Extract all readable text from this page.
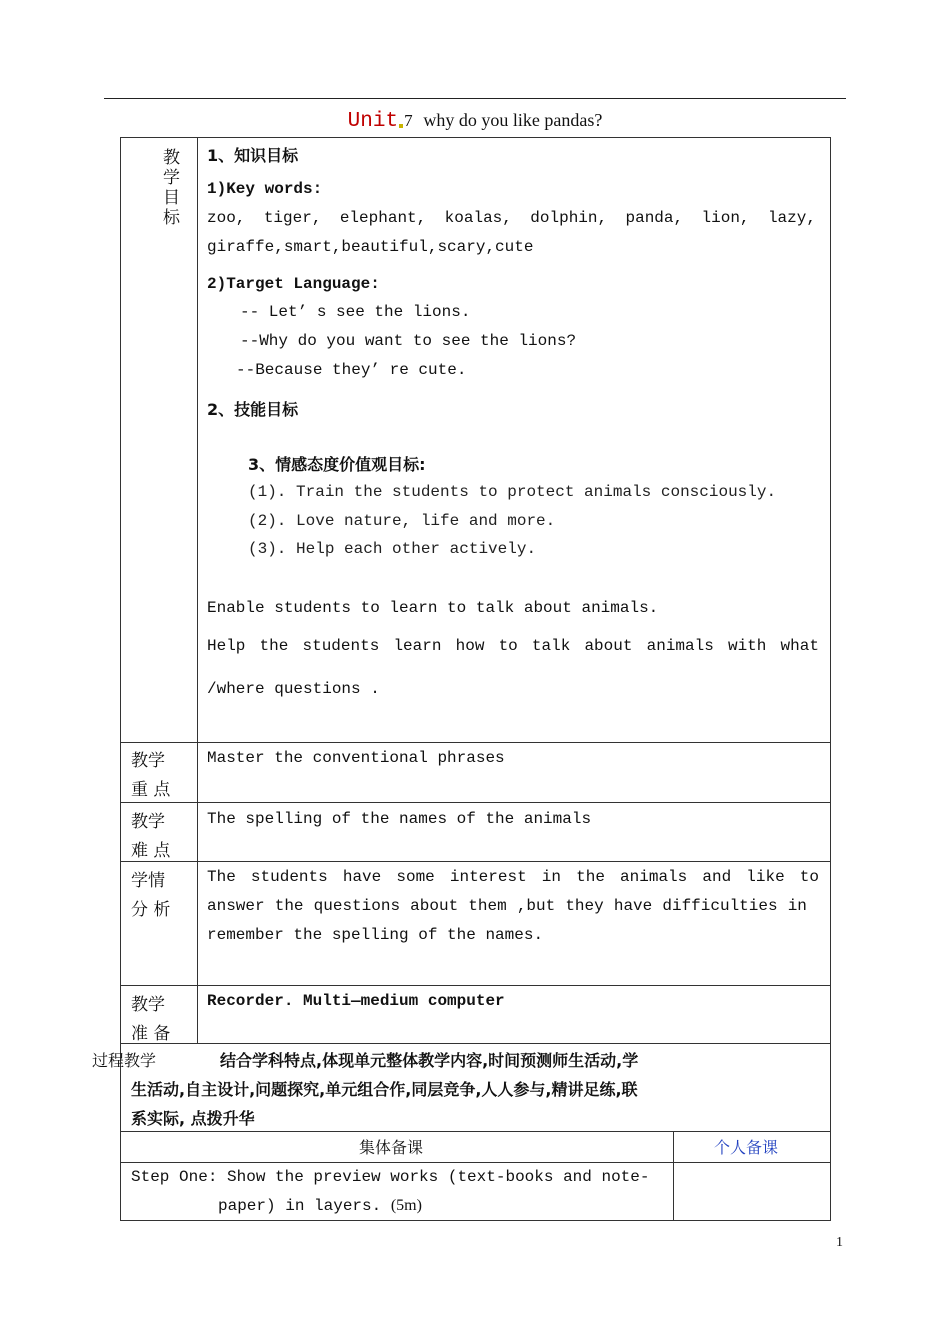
Unit 7 why do you like pandas?
教学目标
1、知识目标
1)Key words:
zoo, tiger, elephant, koalas, dolphin, panda, lion, lazy,
giraffe,smart,beautiful,scary,cute
2)Target Language:
-- Let’ s see the lions.
--Why do you want to see the lions?
--Because they’ re cute.
2、技能目标
3、情感态度价值观目标:
(1). Train the students to protect animals consciously.
(2). Love nature, life and more.
(3). Help each other actively.
Enable students to learn to talk about animals.
Help the students learn how to talk about animals with what
/where questions .
教学
重 点
Master the conventional phrases
教学
难 点
The spelling of the names of the animals
学情
分 析
The students have some interest in the animals and like to
answer the questions about them ,but they have difficulties in
remember the spelling of the names.
教学
准 备
Recorder. Multi—medium computer
过程教学	结合学科特点,体现单元整体教学内容,时间预测师生活动,学
生活动,自主设计,问题探究,单元组合作,同层竞争,人人参与,精讲足练,联
系实际, 点拨升华
集体备课	个人备课
Step One: Show the preview works (text-books and note-
paper) in layers. (5m)
1
